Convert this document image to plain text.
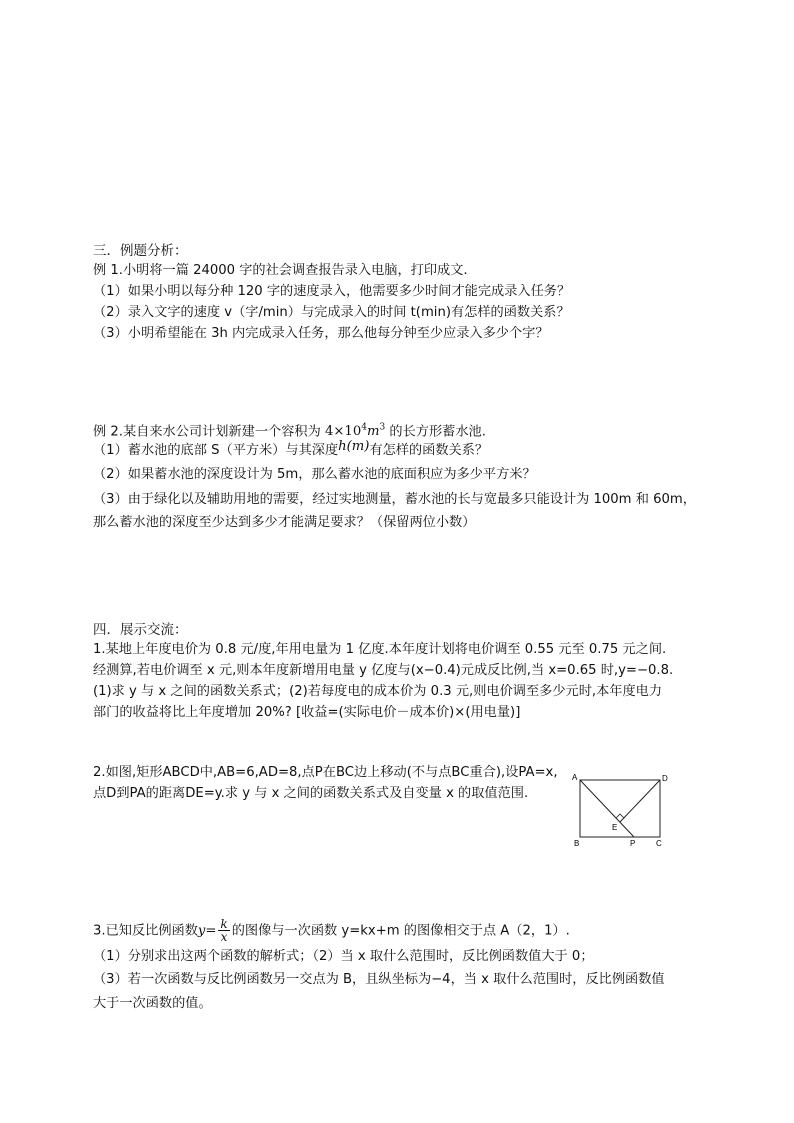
三．例题分析：
例 1.小明将一篇 24000 字的社会调查报告录入电脑，打印成文.
（1）如果小明以每分种 120 字的速度录入，他需要多少时间才能完成录入任务？
（2）录入文字的速度 v（字/min）与完成录入的时间 t(min)有怎样的函数关系？
（3）小明希望能在 3h 内完成录入任务，那么他每分钟至少应录入多少个字？
例 2.某自来水公司计划新建一个容积为 $4\times 10^4m^3$ 的长方形蓄水池.
（1）蓄水池的底部 S（平方米）与其深度h(m)有怎样的函数关系？
（2）如果蓄水池的深度设计为 5m，那么蓄水池的底面积应为多少平方米？
（3）由于绿化以及辅助用地的需要，经过实地测量，蓄水池的长与宽最多只能设计为 100m 和 60m，
那么蓄水池的深度至少达到多少才能满足要求？（保留两位小数）
四．展示交流：
1.某地上年度电价为 0.8 元/度,年用电量为 1 亿度.本年度计划将电价调至 0.55 元至 0.75 元之间.
经测算,若电价调至 x 元,则本年度新增用电量 y 亿度与(x−0.4)元成反比例,当 x=0.65 时,y=−0.8.
(1)求 y 与 x 之间的函数关系式；(2)若每度电的成本价为 0.3 元,则电价调至多少元时,本年度电力
部门的收益将比上年度增加 20%? [收益=(实际电价－成本价)×(用电量)]
2.如图,矩形ABCD中,AB=6,AD=8,点P在BC边上移动(不与点BC重合),设PA=x,
点D到PA的距离DE=y.求 y 与 x 之间的函数关系式及自变量 x 的取值范围.
A	D
B	P	C
E
3.已知反比例函数$y= \frac{k}{x}$ 的图像与一次函数 y=kx+m 的图像相交于点 A（2，1）.
（1）分别求出这两个函数的解析式；（2）当 x 取什么范围时，反比例函数值大于 0；
（3）若一次函数与反比例函数另一交点为 B，且纵坐标为−4，当 x 取什么范围时，反比例函数值
大于一次函数的值。
